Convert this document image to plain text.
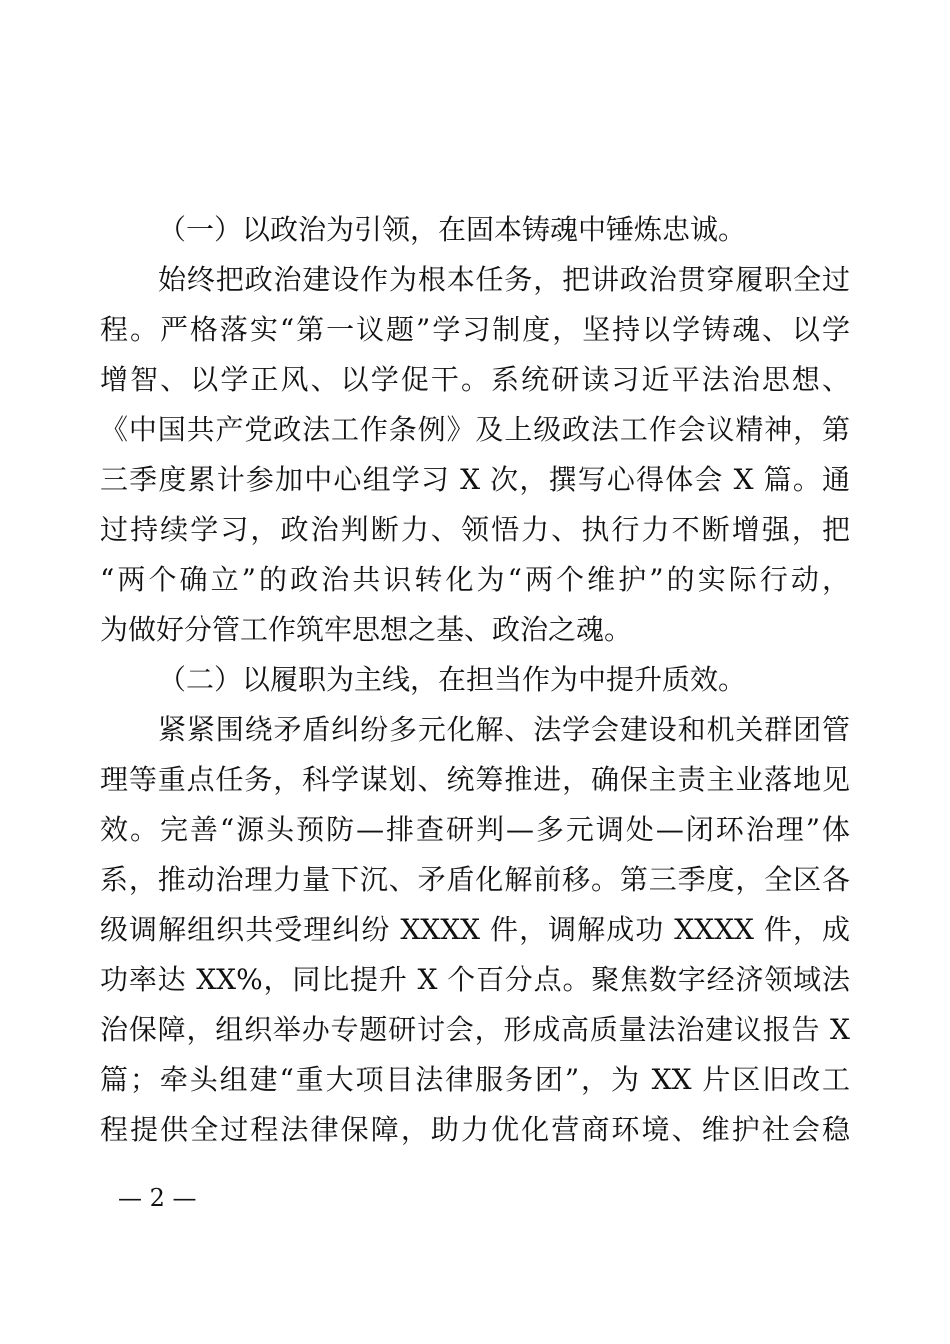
（一）以政治为引领，在固本铸魂中锤炼忠诚。
始终把政治建设作为根本任务，把讲政治贯穿履职全过
程。严格落实“第一议题”学习制度，坚持以学铸魂、以学
增智、以学正风、以学促干。系统研读习近平法治思想、
《中国共产党政法工作条例》及上级政法工作会议精神，第
三季度累计参加中心组学习 X 次，撰写心得体会 X 篇。通
过持续学习，政治判断力、领悟力、执行力不断增强，把
“两个确立”的政治共识转化为“两个维护”的实际行动，
为做好分管工作筑牢思想之基、政治之魂。
（二）以履职为主线，在担当作为中提升质效。
紧紧围绕矛盾纠纷多元化解、法学会建设和机关群团管
理等重点任务，科学谋划、统筹推进，确保主责主业落地见
效。完善“源头预防—排查研判—多元调处—闭环治理”体
系，推动治理力量下沉、矛盾化解前移。第三季度，全区各
级调解组织共受理纠纷 XXXX 件，调解成功 XXXX 件，成
功率达 XX%，同比提升 X 个百分点。聚焦数字经济领域法
治保障，组织举办专题研讨会，形成高质量法治建议报告 X
篇；牵头组建“重大项目法律服务团”，为 XX 片区旧改工
程提供全过程法律保障，助力优化营商环境、维护社会稳
— 2 —
